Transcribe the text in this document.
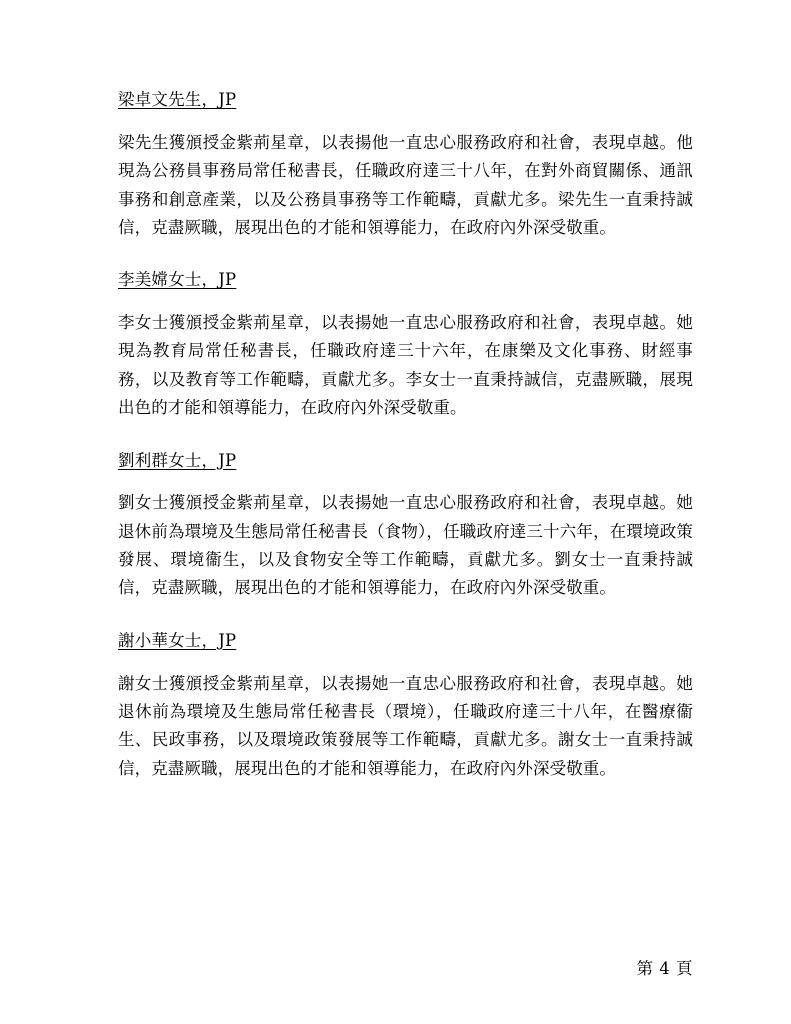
梁卓文先生，JP

梁先生獲頒授金紫荊星章，以表揚他一直忠心服務政府和社會，表現卓越。他現為公務員事務局常任秘書長，任職政府達三十八年，在對外商貿關係、通訊事務和創意產業，以及公務員事務等工作範疇，貢獻尤多。梁先生一直秉持誠信，克盡厥職，展現出色的才能和領導能力，在政府內外深受敬重。

李美嫦女士，JP

李女士獲頒授金紫荊星章，以表揚她一直忠心服務政府和社會，表現卓越。她現為教育局常任秘書長，任職政府達三十六年，在康樂及文化事務、財經事務，以及教育等工作範疇，貢獻尤多。李女士一直秉持誠信，克盡厥職，展現出色的才能和領導能力，在政府內外深受敬重。

劉利群女士，JP

劉女士獲頒授金紫荊星章，以表揚她一直忠心服務政府和社會，表現卓越。她退休前為環境及生態局常任秘書長（食物），任職政府達三十六年，在環境政策發展、環境衞生，以及食物安全等工作範疇，貢獻尤多。劉女士一直秉持誠信，克盡厥職，展現出色的才能和領導能力，在政府內外深受敬重。

謝小華女士，JP

謝女士獲頒授金紫荊星章，以表揚她一直忠心服務政府和社會，表現卓越。她退休前為環境及生態局常任秘書長（環境），任職政府達三十八年，在醫療衞生、民政事務，以及環境政策發展等工作範疇，貢獻尤多。謝女士一直秉持誠信，克盡厥職，展現出色的才能和領導能力，在政府內外深受敬重。

第 4 頁
